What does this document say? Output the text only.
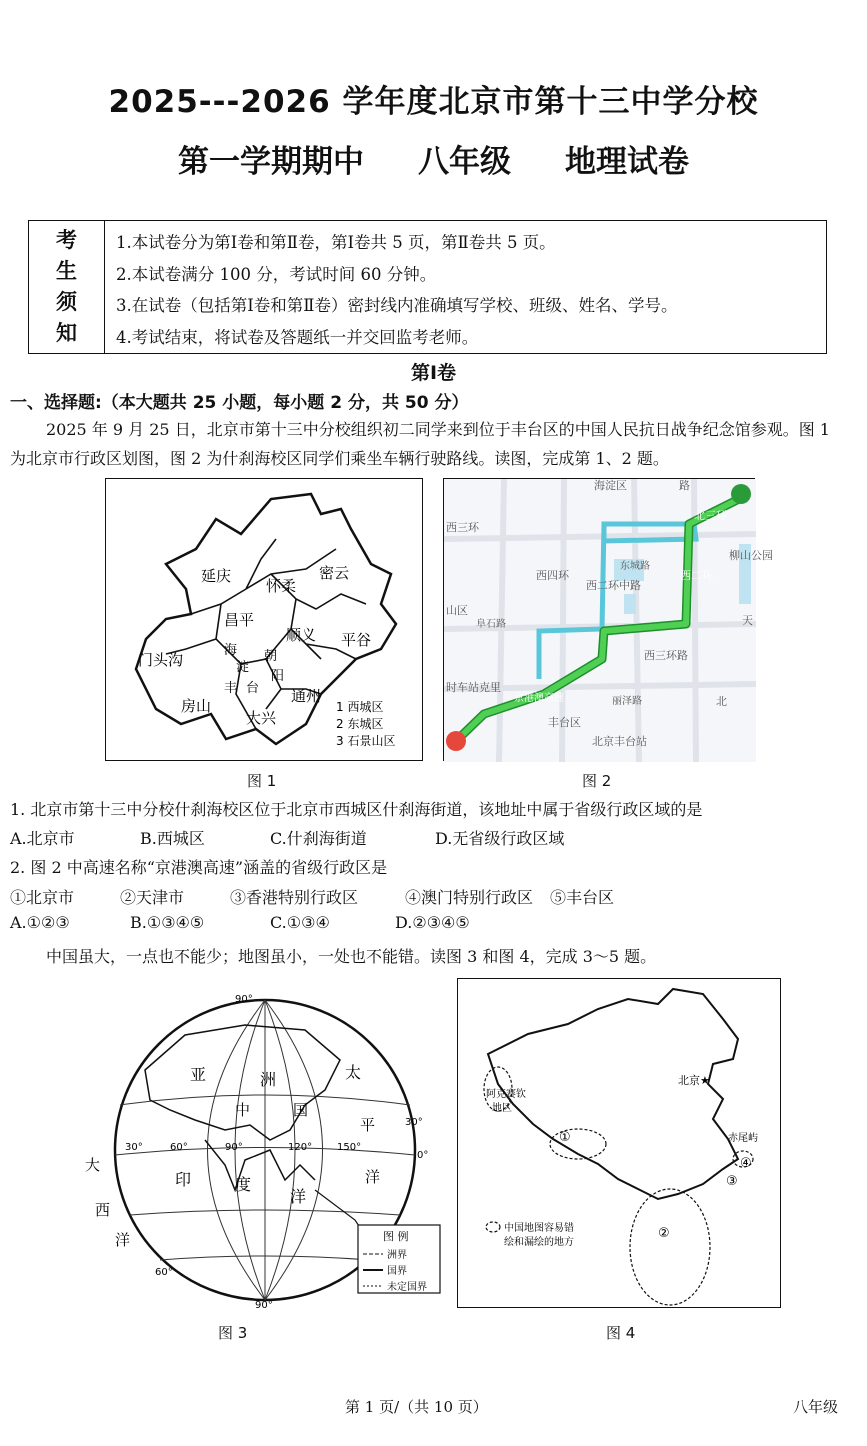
2025---2026 学年度北京市第十三中学分校
第一学期期中     八年级     地理试卷
考
生
须
知
1.本试卷分为第Ⅰ卷和第Ⅱ卷，第Ⅰ卷共 5 页，第Ⅱ卷共 5 页。
2.本试卷满分 100 分，考试时间 60 分钟。
3.在试卷（包括第Ⅰ卷和第Ⅱ卷）密封线内准确填写学校、班级、姓名、学号。
4.考试结束，将试卷及答题纸一并交回监考老师。
第Ⅰ卷
一、选择题:（本大题共 25 小题，每小题 2 分，共 50 分）
2025 年 9 月 25 日，北京市第十三中分校组织初二同学来到位于丰台区的中国人民抗日战争纪念馆参观。图 1 为北京市行政区划图，图 2 为什刹海校区同学们乘坐车辆行驶路线。读图，完成第 1、2 题。
延庆
怀柔
密云
昌平
顺义 平谷
门头沟
海
淀
朝
阳
丰 台
房山
大兴
通州
1 西城区
2 东城区
3 石景山区
图 1
海淀区	路
西三环
柳山公园
东城路
西二环
北三环
西四环
西二环中路
山区
阜石路
西三环路
丽泽路
时车站克里
京港澳高速
丰台区
北京丰台站
北
天
图 2
1. 北京市第十三中分校什刹海校区位于北京市西城区什刹海街道，该地址中属于省级行政区域的是
A.北京市	B.西城区	C.什刹海街道	D.无省级行政区域
2. 图 2 中高速名称“京港澳高速”涵盖的省级行政区是
①北京市	②天津市	③香港特别行政区	④澳门特别行政区	⑤丰台区
A.①②③	B.①③④⑤	C.①③④	D.②③④⑤
中国虽大，一点也不能少；地图虽小，一处也不能错。读图 3 和图 4，完成 3～5 题。
90°
亚	洲	太
中	国
30°	60°	90°	120° 150°
平
大
印	度
洋
洋
西
洋
0°
30°
60°
90°
图 例
洲界
国界
未定国界
图 3
北京★
阿克赛钦
地区
赤尾屿
①
②
③
④
中国地图容易错
绘和漏绘的地方
图 4
第 1 页/（共 10 页）	八年级
